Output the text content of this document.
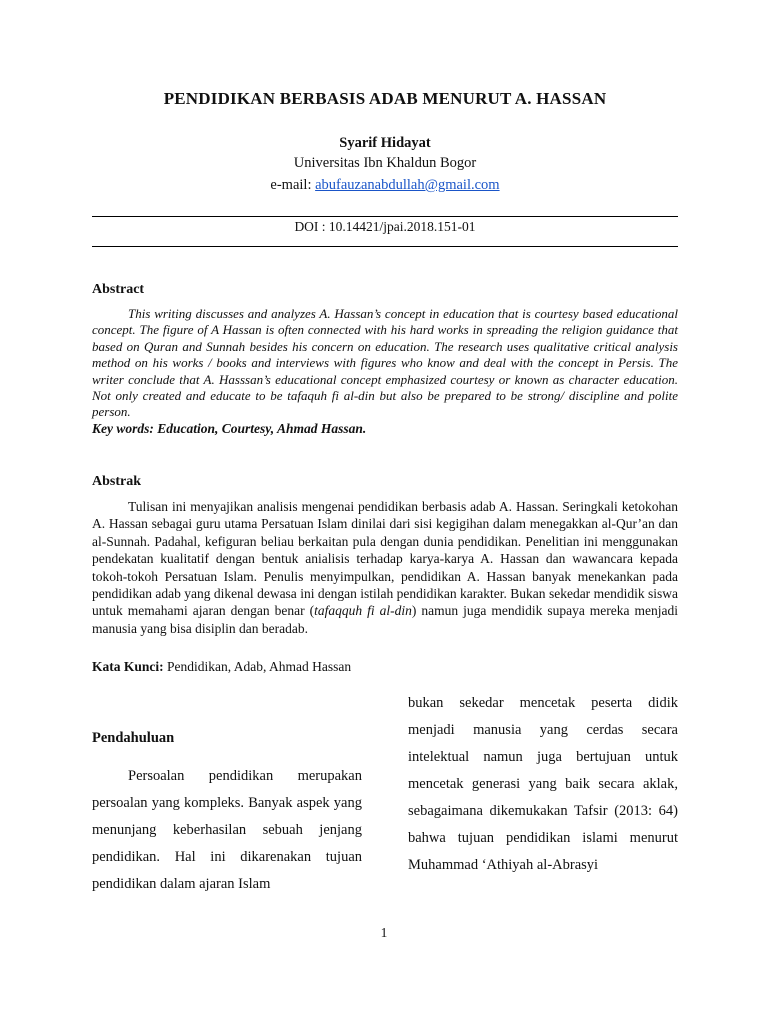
PENDIDIKAN BERBASIS ADAB MENURUT A. HASSAN
Syarif Hidayat
Universitas Ibn Khaldun Bogor
e-mail: abufauzanabdullah@gmail.com
DOI : 10.14421/jpai.2018.151-01
Abstract
This writing discusses and analyzes A. Hassan’s concept in education that is courtesy based educational concept. The figure of A Hassan is often connected with his hard works in spreading the religion guidance that based on Quran and Sunnah besides his concern on education. The research uses qualitative critical analysis method on his works / books and interviews with figures who know and deal with the concept in Persis. The writer conclude that A. Hasssan’s educational concept emphasized courtesy or known as character education. Not only created and educate to be tafaquh fi al-din but also be prepared to be strong/ discipline and polite person.
Key words: Education, Courtesy, Ahmad Hassan.
Abstrak
Tulisan ini menyajikan analisis mengenai pendidikan berbasis adab A. Hassan. Seringkali ketokohan A. Hassan sebagai guru utama Persatuan Islam dinilai dari sisi kegigihan dalam menegakkan al-Qur’an dan al-Sunnah. Padahal, kefiguran beliau berkaitan pula dengan dunia pendidikan. Penelitian ini menggunakan pendekatan kualitatif dengan bentuk anialisis terhadap karya-karya A. Hassan dan wawancara kepada tokoh-tokoh Persatuan Islam. Penulis menyimpulkan, pendidikan A. Hassan banyak menekankan pada pendidikan adab yang dikenal dewasa ini dengan istilah pendidikan karakter. Bukan sekedar mendidik siswa untuk memahami ajaran dengan benar (tafaqquh fi al-din) namun juga mendidik supaya mereka menjadi manusia yang bisa disiplin dan beradab.
Kata Kunci: Pendidikan, Adab, Ahmad Hassan
Pendahuluan
Persoalan pendidikan merupakan persoalan yang kompleks. Banyak aspek yang menunjang keberhasilan sebuah jenjang pendidikan. Hal ini dikarenakan tujuan pendidikan dalam ajaran Islam
bukan sekedar mencetak peserta didik menjadi manusia yang cerdas secara intelektual namun juga bertujuan untuk mencetak generasi yang baik secara aklak, sebagaimana dikemukakan Tafsir (2013: 64) bahwa tujuan pendidikan islami menurut Muhammad ‘Athiyah al-Abrasyi
1
